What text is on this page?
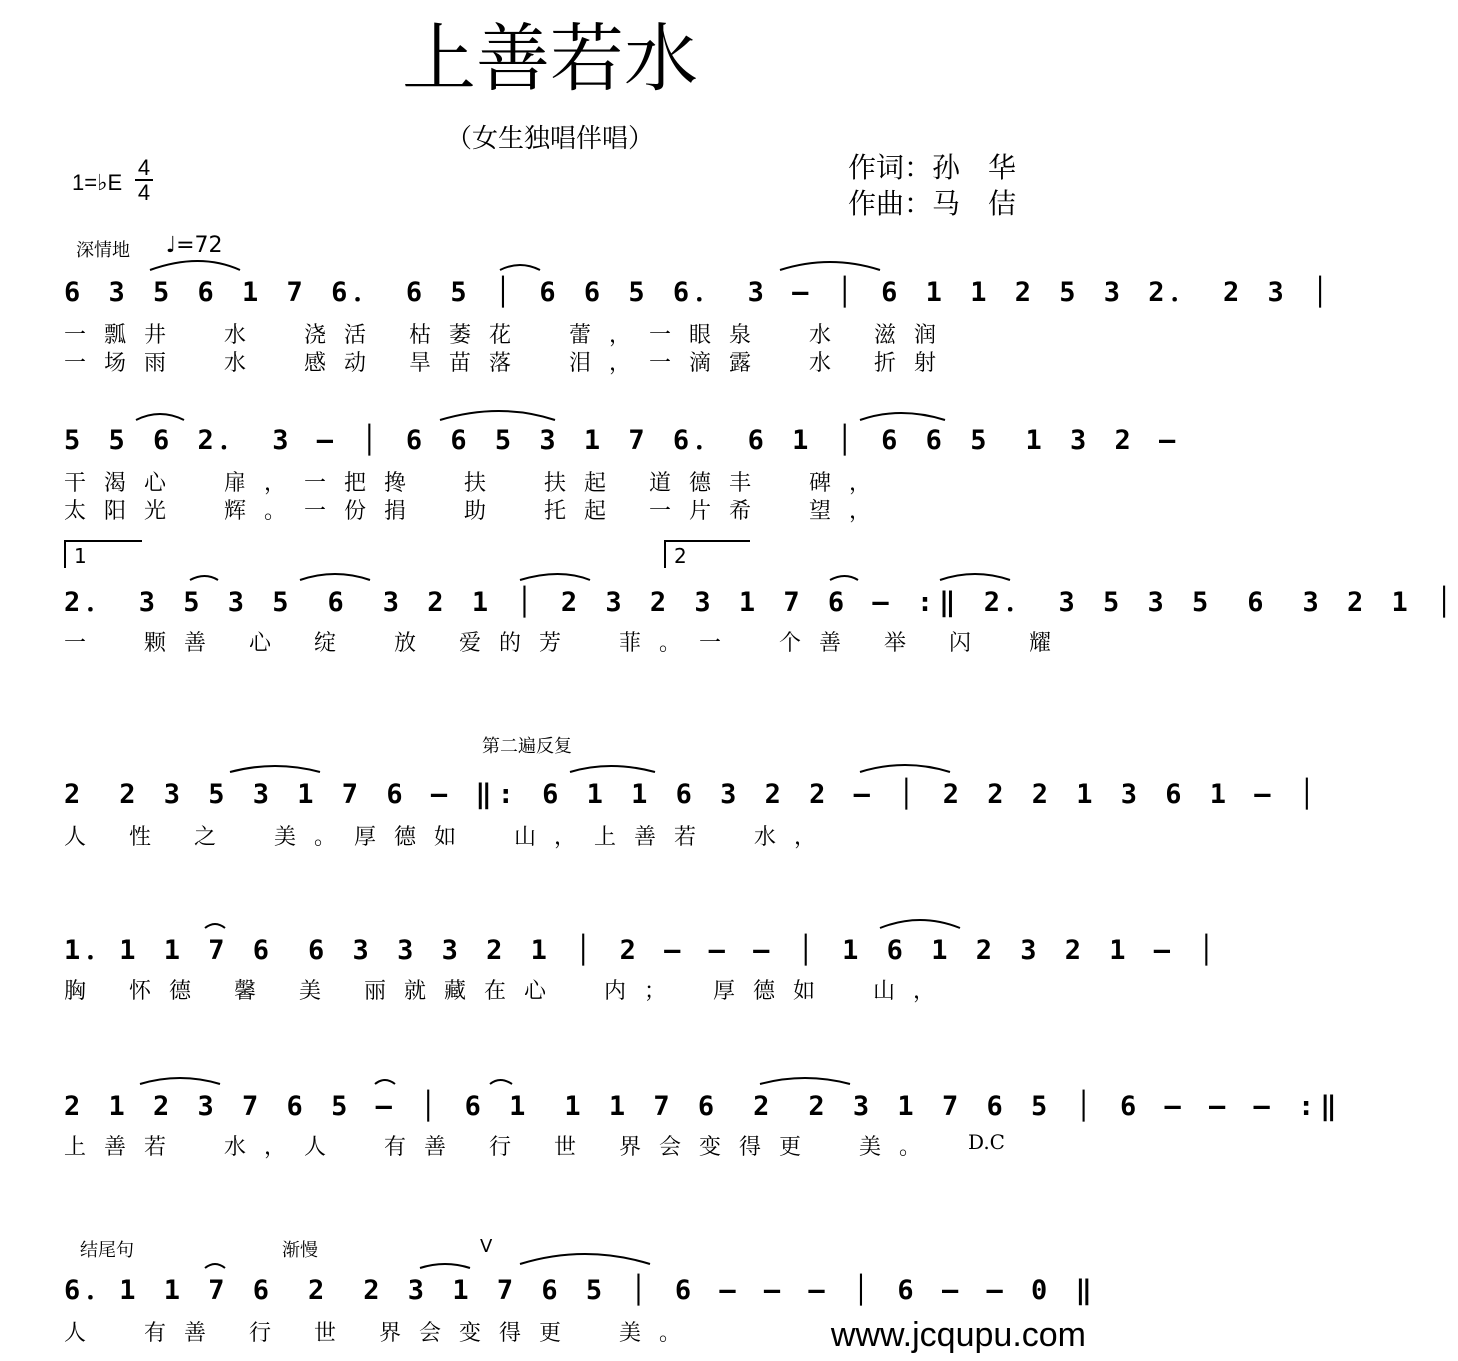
上善若水
（女生独唱伴唱）
作词：孙　华
作曲：马　佶
1=♭E
4
4
深情地 ♩=72
6 3 5 6 1 7 6．　6 5 │ 6 6 5 6．　3 ‒ │ 6 1 1 2 5 3 2．　2 3 │
一瓢井　水　浇活 枯萎花　蕾，一眼泉　水 滋润
一场雨　水　感动 旱苗落　泪，一滴露　水 折射
5 5 6 2．　3 ‒ │ 6 6 5 3 1 7 6．　6 1 │ 6 6 5　1 3 2 ‒
干渴心　扉，一把搀　扶　扶起 道德丰　碑，
太阳光　辉。一份捐　助　托起 一片希　望，
1	2
2．　3 5 3 5　6　3 2 1 │ 2 3 2 3 1 7 6 ‒ :‖ 2．　3 5 3 5　6　3 2 1 │
一　颗善 心 绽　放 爱的芳　菲。一　个善 举 闪　耀
第二遍反复
2　2 3 5 3 1 7 6 ‒ ‖: 6 1 1 6 3 2 2 ‒ │ 2 2 2 1 3 6 1 ‒ │
人 性 之　美。厚德如　山，上善若　水，
1．1 1 7 6　6 3 3 3 2 1 │ 2 ‒ ‒ ‒ │ 1 6 1 2 3 2 1 ‒ │
胸 怀德 馨 美 丽就藏在心　内；　厚德如　山，
2 1 2 3 7 6 5 ‒ │ 6 1　1 1 7 6　2　2 3 1 7 6 5 │ 6 ‒ ‒ ‒ :‖
上善若　水，人　有善 行 世 界会变得更　美。 D.C
结尾句	渐慢	V
6．1 1 7 6　2　2 3 1 7 6 5 │ 6 ‒ ‒ ‒ │ 6 ‒ ‒ 0 ‖
人　有善 行 世 界会变得更　美。	www.jcqupu.com
